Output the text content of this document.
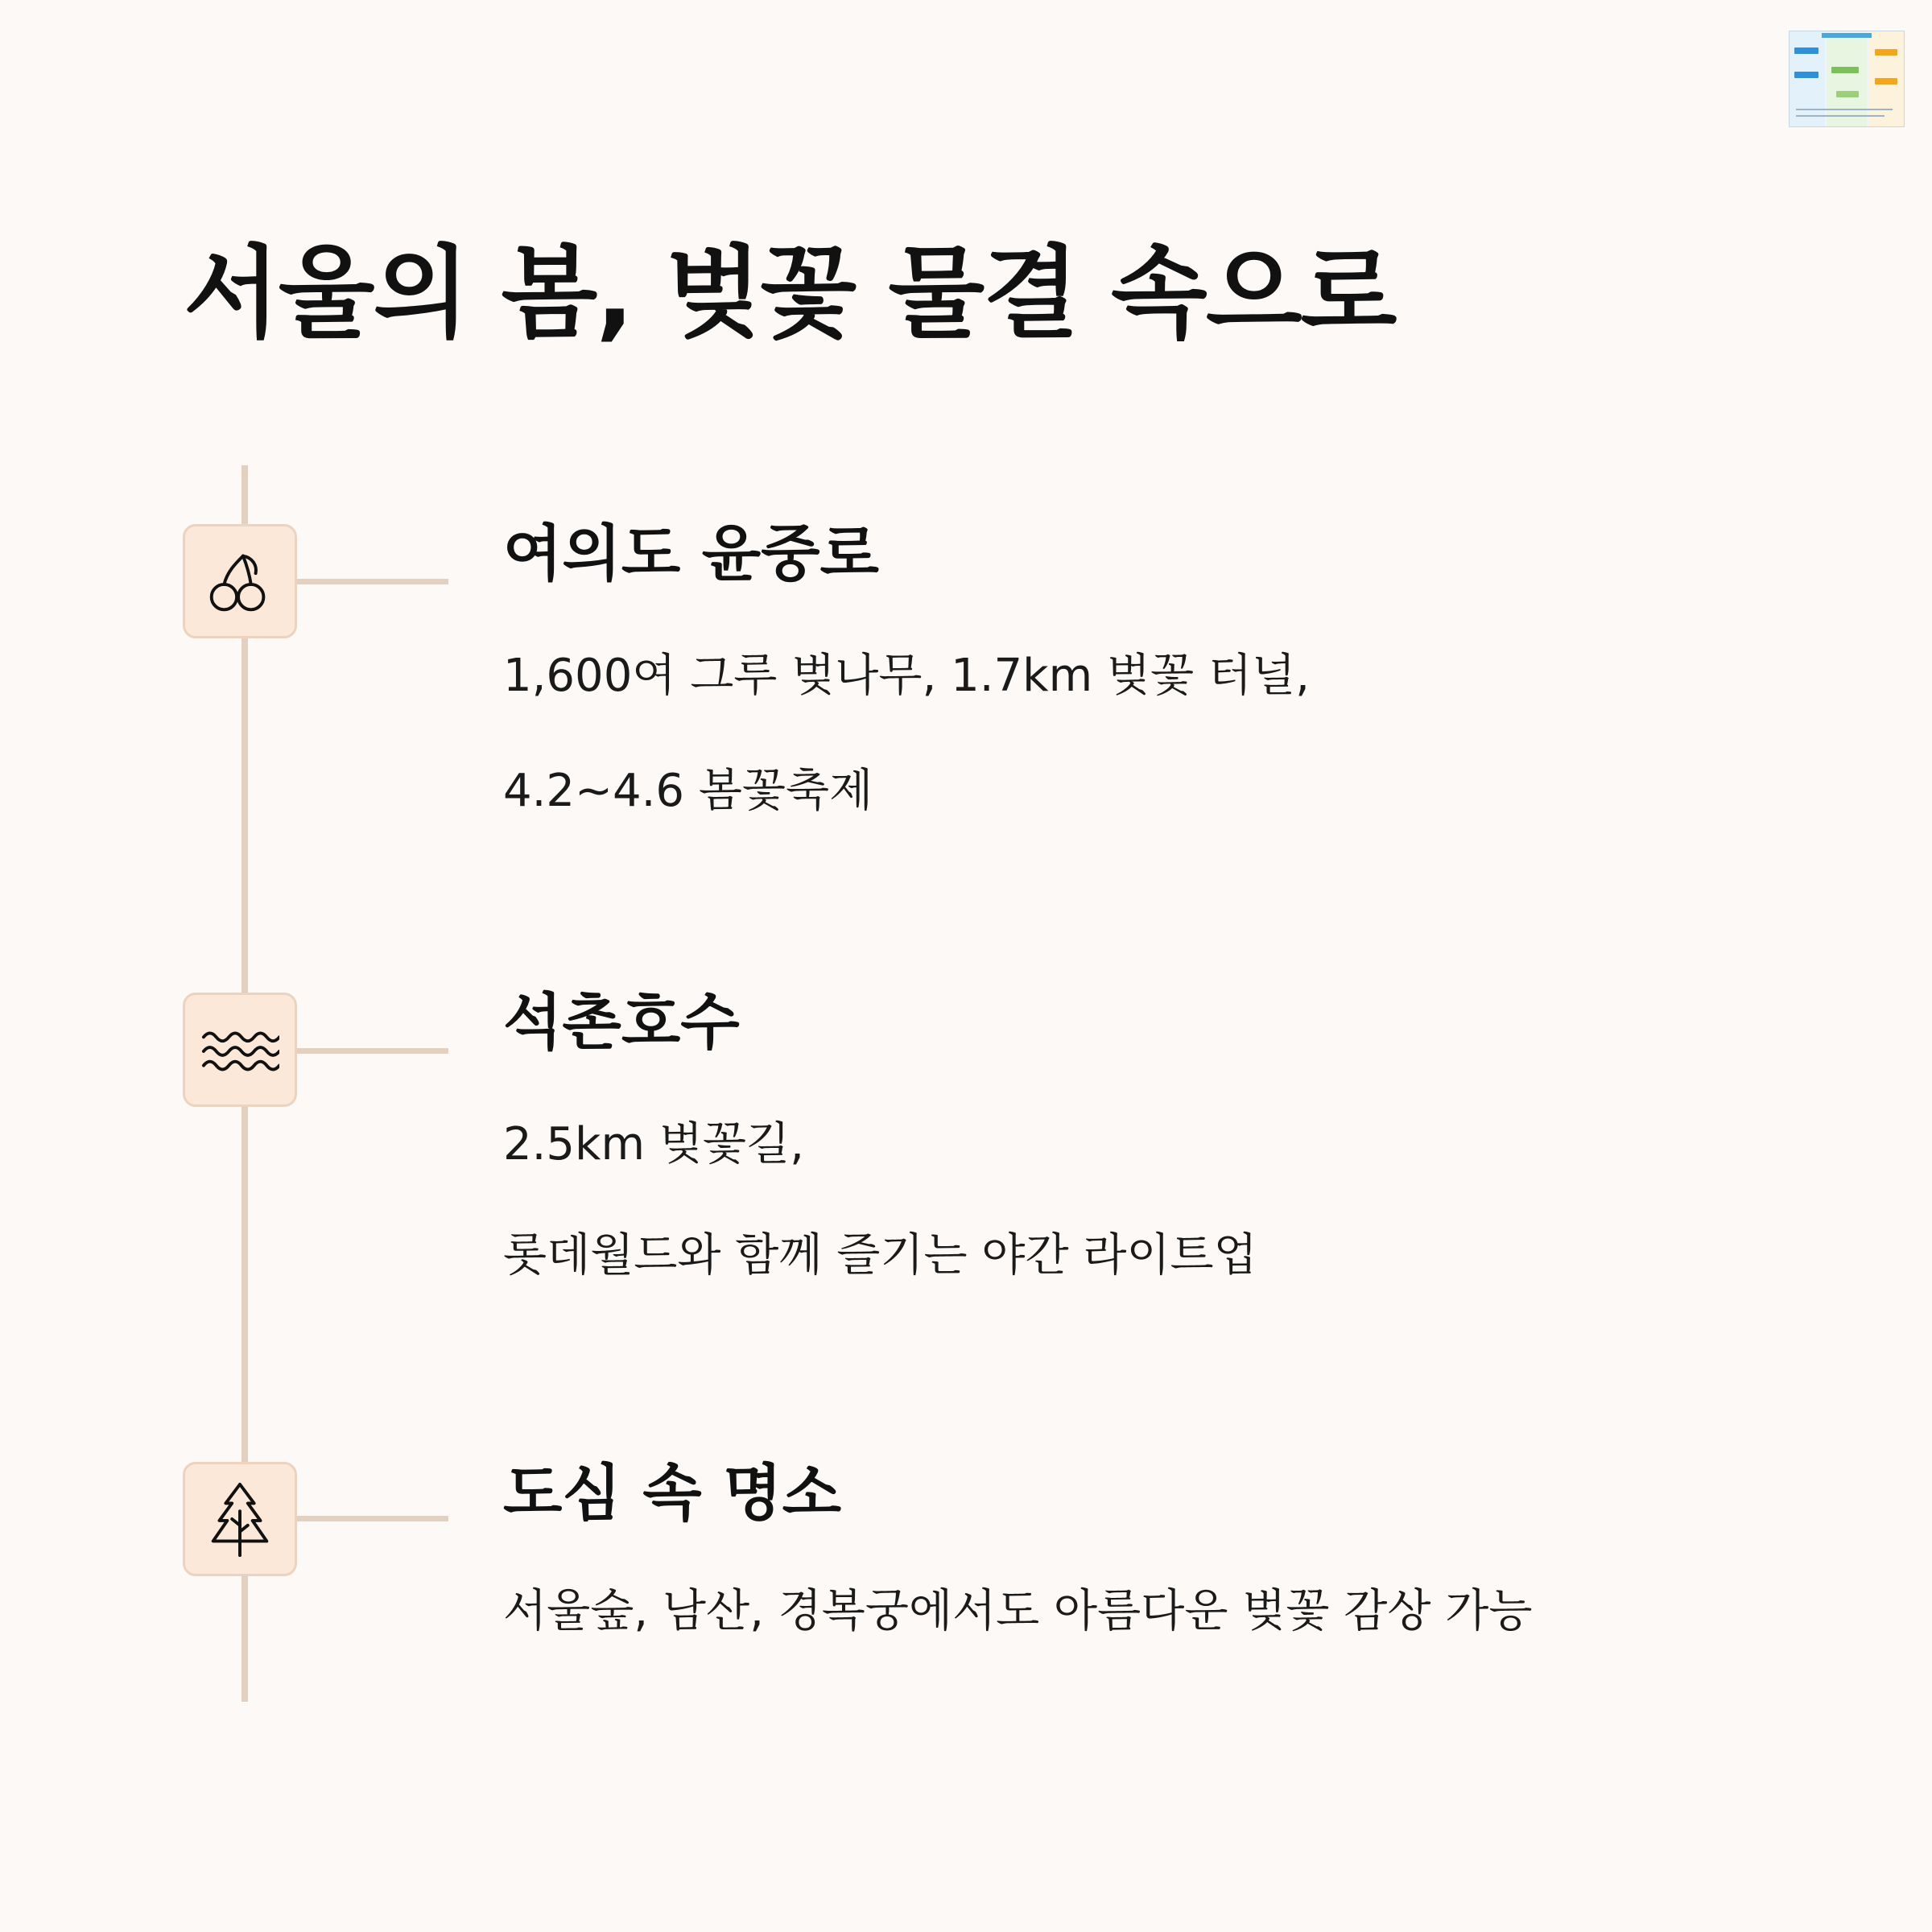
서울의 봄, 벚꽃 물결 속으로
여의도 윤중로

1,600여 그루 벚나무, 1.7km 벚꽃 터널,

4.2~4.6 봄꽃축제

석촌호수

2.5km 벚꽃길,

롯데월드와 함께 즐기는 야간 라이트업

도심 속 명소

서울숲, 남산, 경복궁에서도 아름다운 벚꽃 감상 가능
